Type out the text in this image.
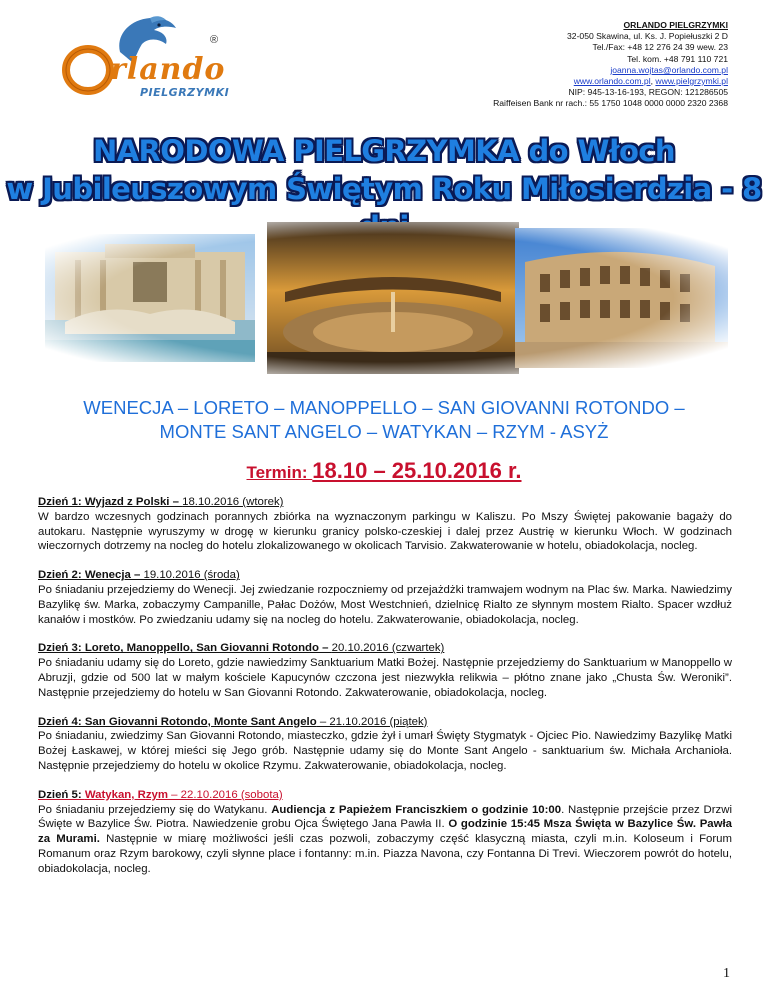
rlando
®
PIELGRZYMKI
ORLANDO PIELGRZYMKI
32-050 Skawina, ul. Ks. J. Popiełuszki 2 D
Tel./Fax: +48 12 276 24 39 wew. 23
Tel. kom. +48 791 110 721
joanna.wojtas@orlando.com.pl
www.orlando.com.pl, www.pielgrzymki.pl
NIP: 945-13-16-193, REGON: 121286505
Raiffeisen Bank nr rach.: 55 1750 1048 0000 0000 2320 2368
NARODOWA PIELGRZYMKA do Włoch
w Jubileuszowym Świętym Roku Miłosierdzia - 8
WENECJA – LORETO – MANOPPELLO – SAN GIOVANNI ROTONDO –
MONTE SANT ANGELO – WATYKAN – RZYM - ASYŻ
Termin: 18.10 – 25.10.2016 r.
Dzień 1: Wyjazd z Polski – 18.10.2016 (wtorek)

W bardzo wczesnych godzinach porannych zbiórka na wyznaczonym parkingu w Kaliszu. Po Mszy Świętej pakowanie bagaży do autokaru. Następnie wyruszymy w drogę w kierunku granicy polsko-czeskiej i dalej przez Austrię w kierunku Włoch. W godzinach wieczornych dotrzemy na nocleg do hotelu zlokalizowanego w okolicach Tarvisio. Zakwaterowanie w hotelu, obiadokolacja, nocleg.

Dzień 2: Wenecja – 19.10.2016 (środa)

Po śniadaniu przejedziemy do Wenecji. Jej zwiedzanie rozpoczniemy od przejażdżki tramwajem wodnym na Plac św. Marka. Nawiedzimy Bazylikę św. Marka, zobaczymy Campanille, Pałac Dożów, Most Westchnień, dzielnicę Rialto ze słynnym mostem Rialto. Spacer wzdłuż kanałów i mostków. Po zwiedzaniu udamy się na nocleg do hotelu. Zakwaterowanie, obiadokolacja, nocleg.

Dzień 3: Loreto, Manoppello, San Giovanni Rotondo – 20.10.2016 (czwartek)

Po śniadaniu udamy się do Loreto, gdzie nawiedzimy Sanktuarium Matki Bożej. Następnie przejedziemy do Sanktuarium w Manoppello w Abruzji, gdzie od 500 lat w małym kościele Kapucynów czczona jest niezwykła relikwia – płótno znane jako „Chusta Św. Weroniki”. Następnie przejedziemy do hotelu w San Giovanni Rotondo. Zakwaterowanie, obiadokolacja, nocleg.

Dzień 4: San Giovanni Rotondo, Monte Sant Angelo – 21.10.2016 (piątek)

Po śniadaniu, zwiedzimy San Giovanni Rotondo, miasteczko, gdzie żył i umarł Święty Stygmatyk - Ojciec Pio. Nawiedzimy Bazylikę Matki Bożej Łaskawej, w której mieści się Jego grób. Następnie udamy się do Monte Sant Angelo - sanktuarium św. Michała Archanioła. Następnie przejedziemy do hotelu w okolice Rzymu. Zakwaterowanie, obiadokolacja, nocleg.

Dzień 5: Watykan, Rzym – 22.10.2016 (sobota)

Po śniadaniu przejedziemy się do Watykanu. Audiencja z Papieżem Franciszkiem o godzinie 10:00. Następnie przejście przez Drzwi Święte w Bazylice Św. Piotra. Nawiedzenie grobu Ojca Świętego Jana Pawła II. O godzinie 15:45 Msza Święta w Bazylice Św. Pawła za Murami. Następnie w miarę możliwości jeśli czas pozwoli, zobaczymy część klasyczną miasta, czyli m.in. Koloseum i Forum Romanum oraz Rzym barokowy, czyli słynne place i fontanny: m.in. Piazza Navona, czy Fontanna Di Trevi. Wieczorem powrót do hotelu, obiadokolacja, nocleg.

1
